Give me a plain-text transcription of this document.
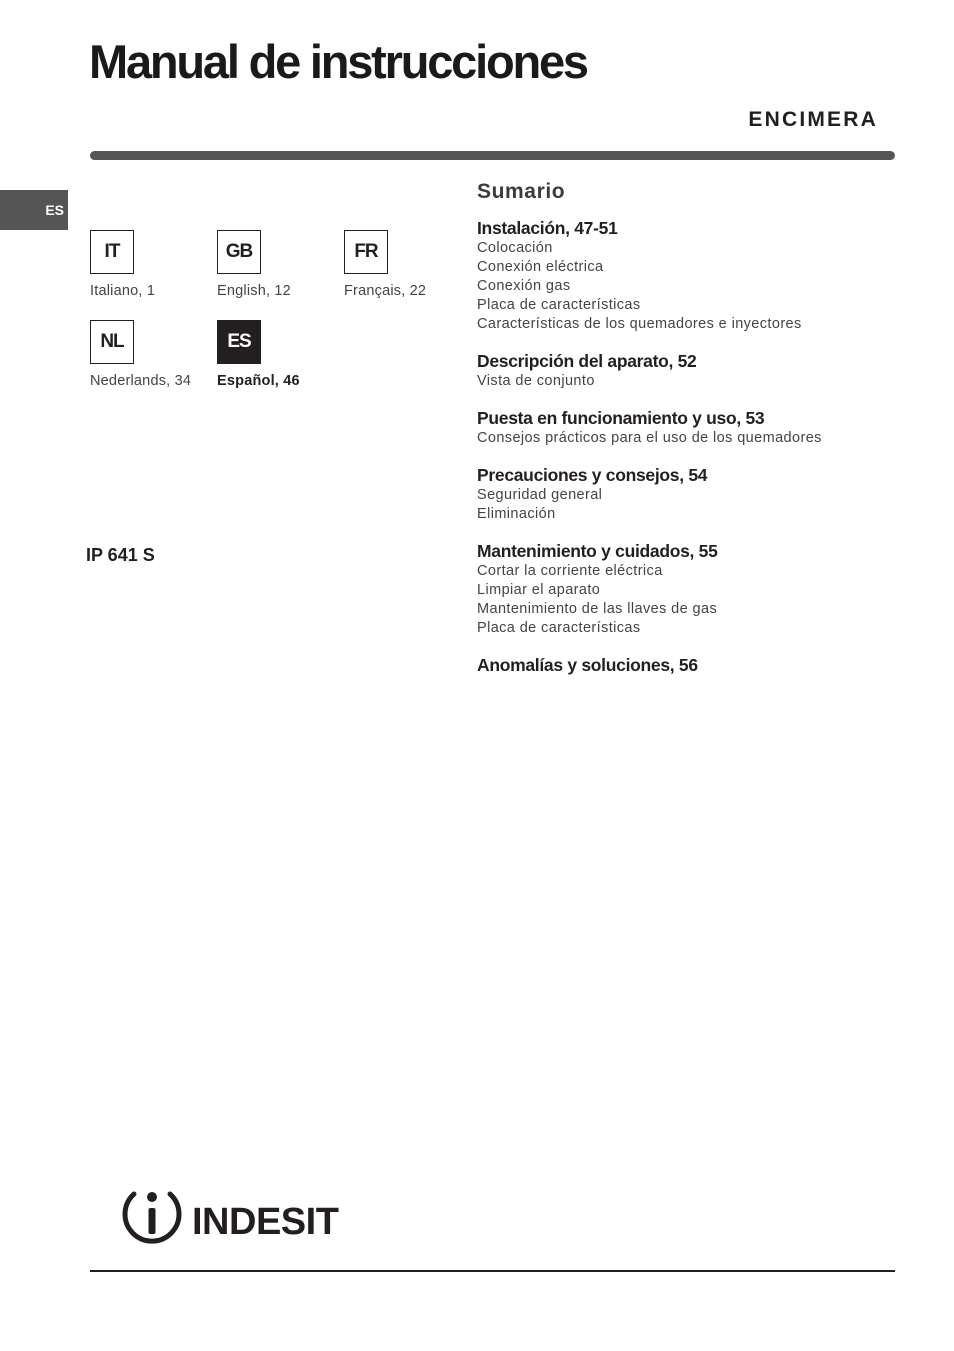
Manual de instrucciones
ENCIMERA
ES
IT
Italiano, 1
GB
English, 12
FR
Français, 22
NL
Nederlands, 34
ES
Español, 46
IP 641 S
Sumario
Instalación, 47-51
Colocación
Conexión eléctrica
Conexión gas
Placa de características
Características de los quemadores e inyectores
Descripción del aparato, 52
Vista de conjunto
Puesta en funcionamiento y uso, 53
Consejos prácticos para el uso de los quemadores
Precauciones y consejos, 54
Seguridad general
Eliminación
Mantenimiento y cuidados, 55
Cortar la corriente eléctrica
Limpiar el aparato
Mantenimiento de las llaves de gas
Placa de características
Anomalías y soluciones, 56
INDESIT
